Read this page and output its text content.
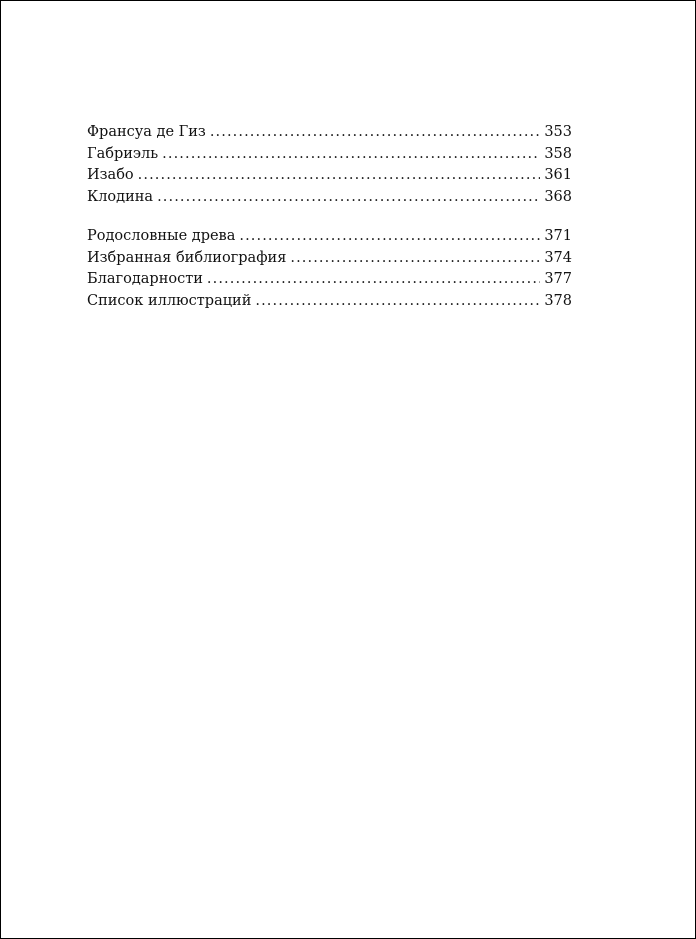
Франсуа де Гиз .....	353
Габриэль .....	358
Изабо .....	361
Клодина .....	368
Родословные древа .....	371
Избранная библиография .....	374
Благодарности .....	377
Список иллюстраций .....	378
